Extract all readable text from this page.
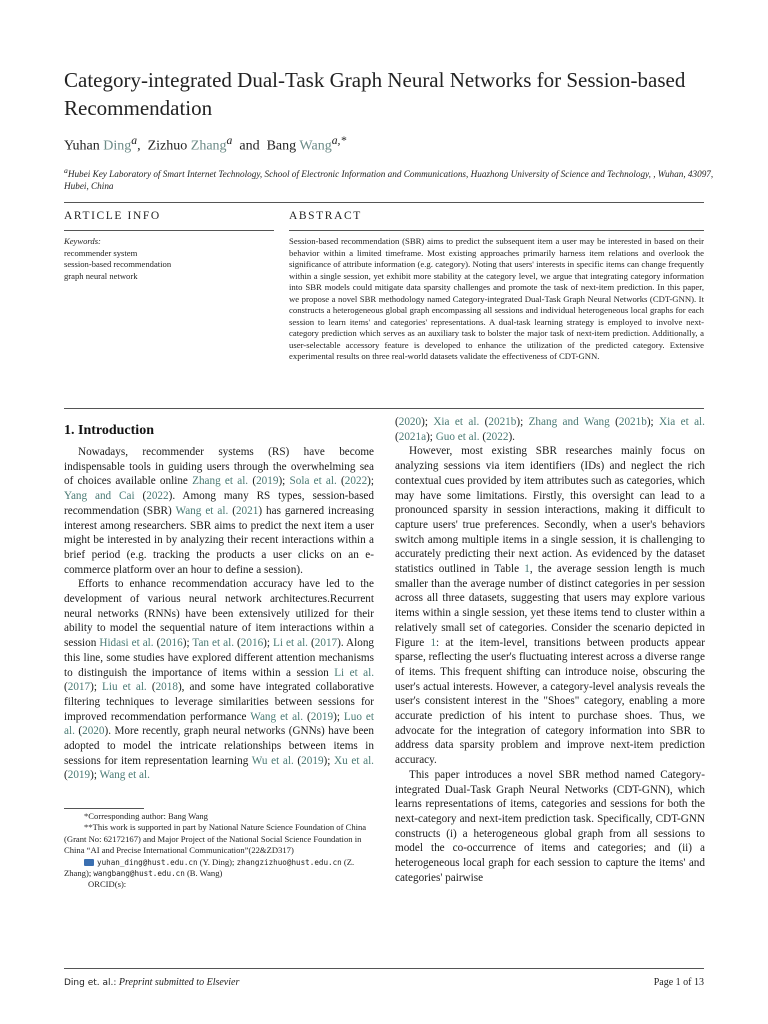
Category-integrated Dual-Task Graph Neural Networks for Session-based Recommendation
Yuhan Ding$^a$, Zizhuo Zhang$^a$ and Bang Wang$^{a,*}$
$^a$Hubei Key Laboratory of Smart Internet Technology, School of Electronic Information and Communications, Huazhong University of Science and Technology, , Wuhan, 43097, Hubei, China
ARTICLE INFO	ABSTRACT
Keywords:
recommender system
session-based recommendation
graph neural network
Session-based recommendation (SBR) aims to predict the subsequent item a user may be interested in based on their behavior within a limited timeframe. Most existing approaches primarily harness item relations and overlook the significance of attribute information (e.g. category). Noting that users' interests in specific items can change frequently within a single session, yet exhibit more stability at the category level, we argue that integrating category information into SBR models could mitigate data sparsity challenges and promote the task of next-item prediction. In this paper, we propose a novel SBR methodology named Category-integrated Dual-Task Graph Neural Networks (CDT-GNN). It constructs a heterogeneous global graph encompassing all sessions and individual heterogeneous local graphs for each session to learn items' and categories' representations. A dual-task learning strategy is employed to involve next-category prediction which serves as an auxiliary task to bolster the major task of next-item prediction. Additionally, a user-selectable accessory feature is developed to enhance the utilization of the predicted category. Extensive experimental results on three real-world datasets validate the effectiveness of CDT-GNN.
1. Introduction

Nowadays, recommender systems (RS) have become indispensable tools in guiding users through the overwhelming sea of choices available online Zhang et al. (2019); Sola et al. (2022); Yang and Cai (2022). Among many RS types, session-based recommendation (SBR) Wang et al. (2021) has garnered increasing interest among researchers. SBR aims to predict the next item a user might be interested in by analyzing their recent interactions within a brief period (e.g. tracking the products a user clicks on an e-commerce platform over an hour to define a session).

Efforts to enhance recommendation accuracy have led to the development of various neural network architectures.Recurrent neural networks (RNNs) have been extensively utilized for their ability to model the sequential nature of item interactions within a session Hidasi et al. (2016); Tan et al. (2016); Li et al. (2017). Along this line, some studies have explored different attention mechanisms to distinguish the importance of items within a session Li et al. (2017); Liu et al. (2018), and some have integrated collaborative filtering techniques to leverage similarities between sessions for improved recommendation performance Wang et al. (2019); Luo et al. (2020). More recently, graph neural networks (GNNs) have been adopted to model the intricate relationships between items in sessions for item representation learning Wu et al. (2019); Xu et al. (2019); Wang et al.

*Corresponding author: Bang Wang

**This work is supported in part by National Nature Science Foundation of China (Grant No: 62172167) and Major Project of the National Social Science Foundation in China “AI and Precise International Communication”(22&ZD317)

yuhan_ding@hust.edu.cn (Y. Ding); zhangzizhuo@hust.edu.cn (Z. Zhang); wangbang@hust.edu.cn (B. Wang)

ORCID(s):

(2020); Xia et al. (2021b); Zhang and Wang (2021b); Xia et al. (2021a); Guo et al. (2022).

However, most existing SBR researches mainly focus on analyzing sessions via item identifiers (IDs) and neglect the rich contextual cues provided by item attributes such as categories, which may have some limitations. Firstly, this oversight can lead to a pronounced sparsity in session interactions, making it difficult to capture users' true preferences. Secondly, when a user's behaviors switch among multiple items in a single session, it is challenging to accurately predicting their next action. As evidenced by the dataset statistics outlined in Table 1, the average session length is much smaller than the average number of distinct categories in per session across all three datasets, suggesting that users may explore various items within a single session, yet these items tend to cluster within a relatively small set of categories. Consider the scenario depicted in Figure 1: at the item-level, transitions between products appear sparse, reflecting the user's fluctuating interest across a diverse range of items. This frequent shifting can introduce noise, obscuring the user's actual interests. However, a category-level analysis reveals the user's consistent interest in the "Shoes" category, enabling a more accurate prediction of his intent to purchase shoes. Thus, we advocate for the integration of category information into SBR to address data sparsity problem and improve next-item prediction accuracy.

This paper introduces a novel SBR method named Category-integrated Dual-Task Graph Neural Networks (CDT-GNN), which learns representations of items, categories and sessions for both the next-category and next-item prediction task. Specifically, CDT-GNN constructs (i) a heterogeneous global graph from all sessions to model the co-occurrence of items and categories; and (ii) a heterogeneous local graph for each session to capture the items' and categories' pairwise

Ding et. al.: Preprint submitted to Elsevier	Page 1 of 13
